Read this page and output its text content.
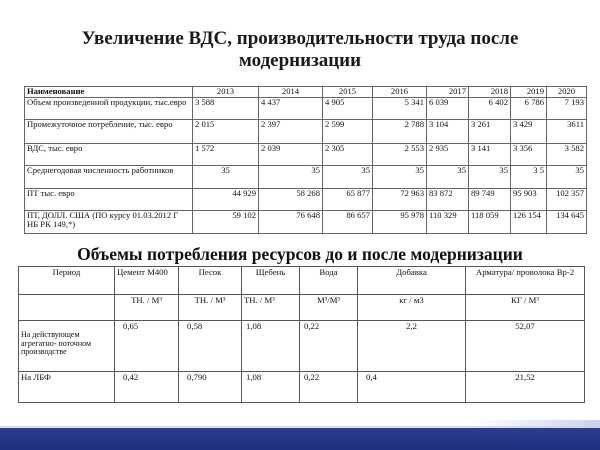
Увеличение ВДС, производительности труда после модернизации
Наименование	2013	2014	2015	2016	2017	2018	2019	2020
Объем произведенной продукции, тыс.евро	3 588	4 437	4 905	5 341	6 039	6 402	6 786	7 193
Промежуточное потребление, тыс. евро	2 015	2 397	2 599	2 788	3 104	3 261	3 429	3611
ВДС, тыс. евро	1 572	2 039	2 305	2 553	2 935	3 141	3 356	3 582
Среднегодовая численность работников	35	35	35	35	35	35	3 5	35
ПТ тыс. евро	44 929	58 268	65 877	72 963	83 872	89 749	95 903	102 357
ПТ, ДОЛЛ. США (ПО курсу 01.03.2012 Г НБ РК 149,*)	59 102	76 648	86 657	95 978	110 329	118 059	126 154	134 645
Объемы потребления ресурсов до и после модернизации
Период	Цемент М400	Песок	Щебень	Вода	Добавка	Арматура/ проволока Вр-2
	ТН. / М³	ТН. / М³	ТН. / М³	М³/М³	кг / м3	КГ / М³
На действующем агрегатно- поточном производстве	0,65	0,58	1,08	0,22	2,2	52,07
На ЛБФ	0,42	0,790	1,08	0,22	0,4	21,52
